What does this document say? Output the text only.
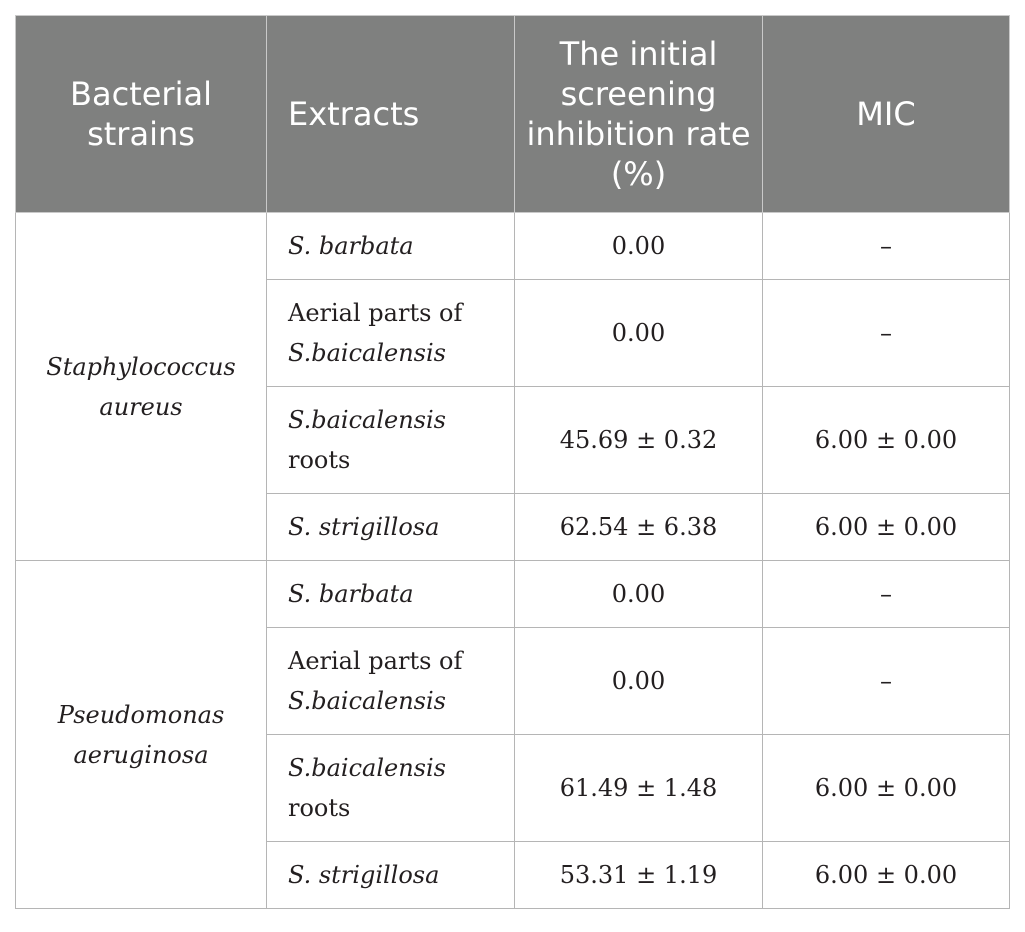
Bacterial strains	Extracts	The initial screening inhibition rate (%)	MIC
Staphylococcus aureus	S. barbata	0.00	–
	Aerial parts of S.baicalensis	0.00	–
	S.baicalensis roots	45.69 ± 0.32	6.00 ± 0.00
	S. strigillosa	62.54 ± 6.38	6.00 ± 0.00
Pseudomonas aeruginosa	S. barbata	0.00	–
	Aerial parts of S.baicalensis	0.00	–
	S.baicalensis roots	61.49 ± 1.48	6.00 ± 0.00
	S. strigillosa	53.31 ± 1.19	6.00 ± 0.00
